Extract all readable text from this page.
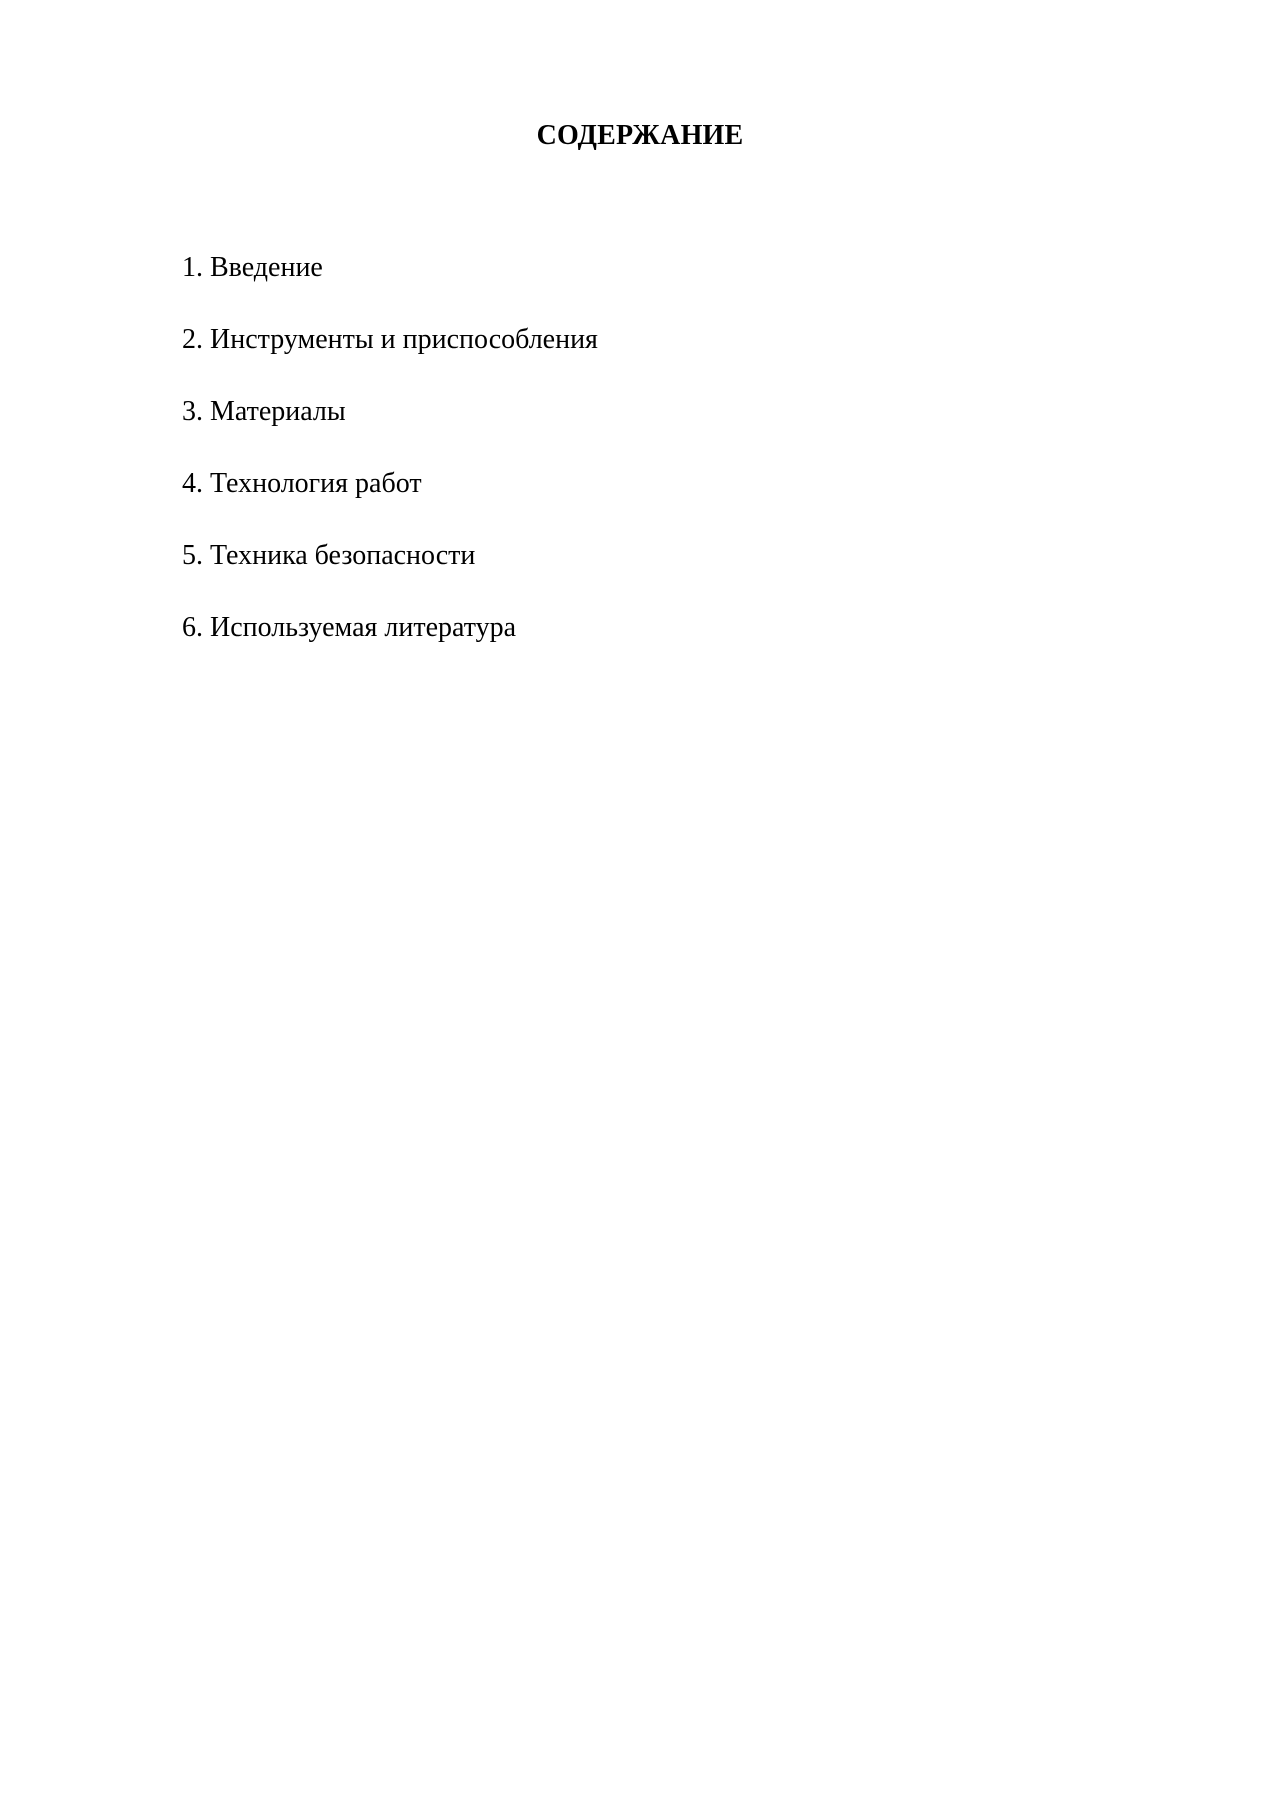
СОДЕРЖАНИЕ
1. Введение
2. Инструменты и приспособления
3. Материалы
4. Технология работ
5. Техника безопасности
6. Используемая литература
